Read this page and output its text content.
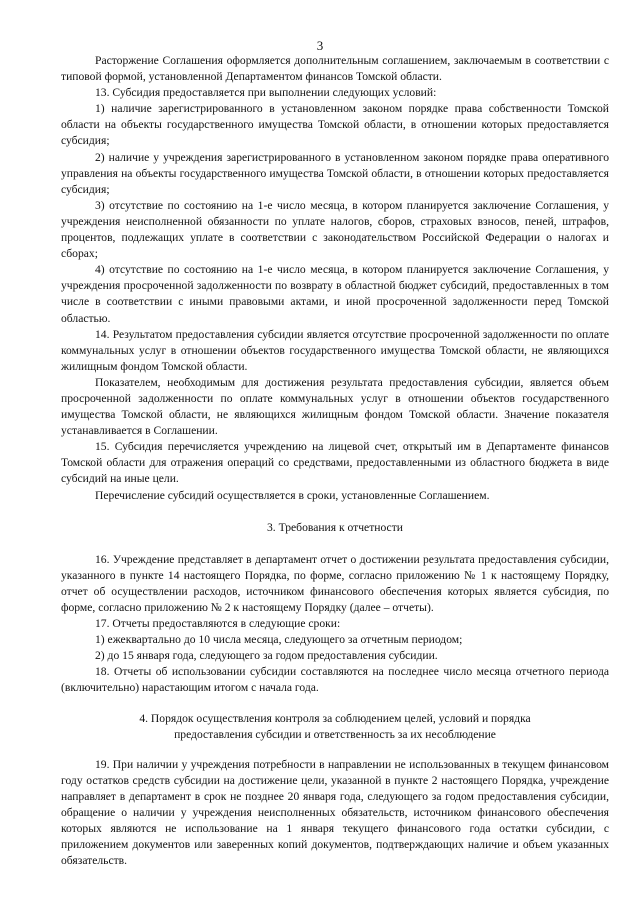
3

Расторжение Соглашения оформляется дополнительным соглашением, заключаемым в соответствии с типовой формой, установленной Департаментом финансов Томской области.

13. Субсидия предоставляется при выполнении следующих условий:

1) наличие зарегистрированного в установленном законом порядке права собственности Томской области на объекты государственного имущества Томской области, в отношении которых предоставляется субсидия;

2) наличие у учреждения зарегистрированного в установленном законом порядке права оперативного управления на объекты государственного имущества Томской области, в отношении которых предоставляется субсидия;

3) отсутствие по состоянию на 1-е число месяца, в котором планируется заключение Соглашения, у учреждения неисполненной обязанности по уплате налогов, сборов, страховых взносов, пеней, штрафов, процентов, подлежащих уплате в соответствии с законодательством Российской Федерации о налогах и сборах;

4) отсутствие по состоянию на 1-е число месяца, в котором планируется заключение Соглашения, у учреждения просроченной задолженности по возврату в областной бюджет субсидий, предоставленных в том числе в соответствии с иными правовыми актами, и иной просроченной задолженности перед Томской областью.

14. Результатом предоставления субсидии является отсутствие просроченной задолженности по оплате коммунальных услуг в отношении объектов государственного имущества Томской области, не являющихся жилищным фондом Томской области.

Показателем, необходимым для достижения результата предоставления субсидии, является объем просроченной задолженности по оплате коммунальных услуг в отношении объектов государственного имущества Томской области, не являющихся жилищным фондом Томской области. Значение показателя устанавливается в Соглашении.

15. Субсидия перечисляется учреждению на лицевой счет, открытый им в Департаменте финансов Томской области для отражения операций со средствами, предоставленными из областного бюджета в виде субсидий на иные цели.

Перечисление субсидий осуществляется в сроки, установленные Соглашением.

3. Требования к отчетности

16. Учреждение представляет в департамент отчет о достижении результата предоставления субсидии, указанного в пункте 14 настоящего Порядка, по форме, согласно приложению № 1 к настоящему Порядку, отчет об осуществлении расходов, источником финансового обеспечения которых является субсидия, по форме, согласно приложению № 2 к настоящему Порядку (далее – отчеты).

17. Отчеты предоставляются в следующие сроки:

1) ежеквартально до 10 числа месяца, следующего за отчетным периодом;

2) до 15 января года, следующего за годом предоставления субсидии.

18. Отчеты об использовании субсидии составляются на последнее число месяца отчетного периода (включительно) нарастающим итогом с начала года.

4. Порядок осуществления контроля за соблюдением целей, условий и порядка предоставления субсидии и ответственность за их несоблюдение

19. При наличии у учреждения потребности в направлении не использованных в текущем финансовом году остатков средств субсидии на достижение цели, указанной в пункте 2 настоящего Порядка, учреждение направляет в департамент в срок не позднее 20 января года, следующего за годом предоставления субсидии, обращение о наличии у учреждения неисполненных обязательств, источником финансового обеспечения которых являются не использование на 1 января текущего финансового года остатки субсидии, с приложением документов или заверенных копий документов, подтверждающих наличие и объем указанных обязательств.
